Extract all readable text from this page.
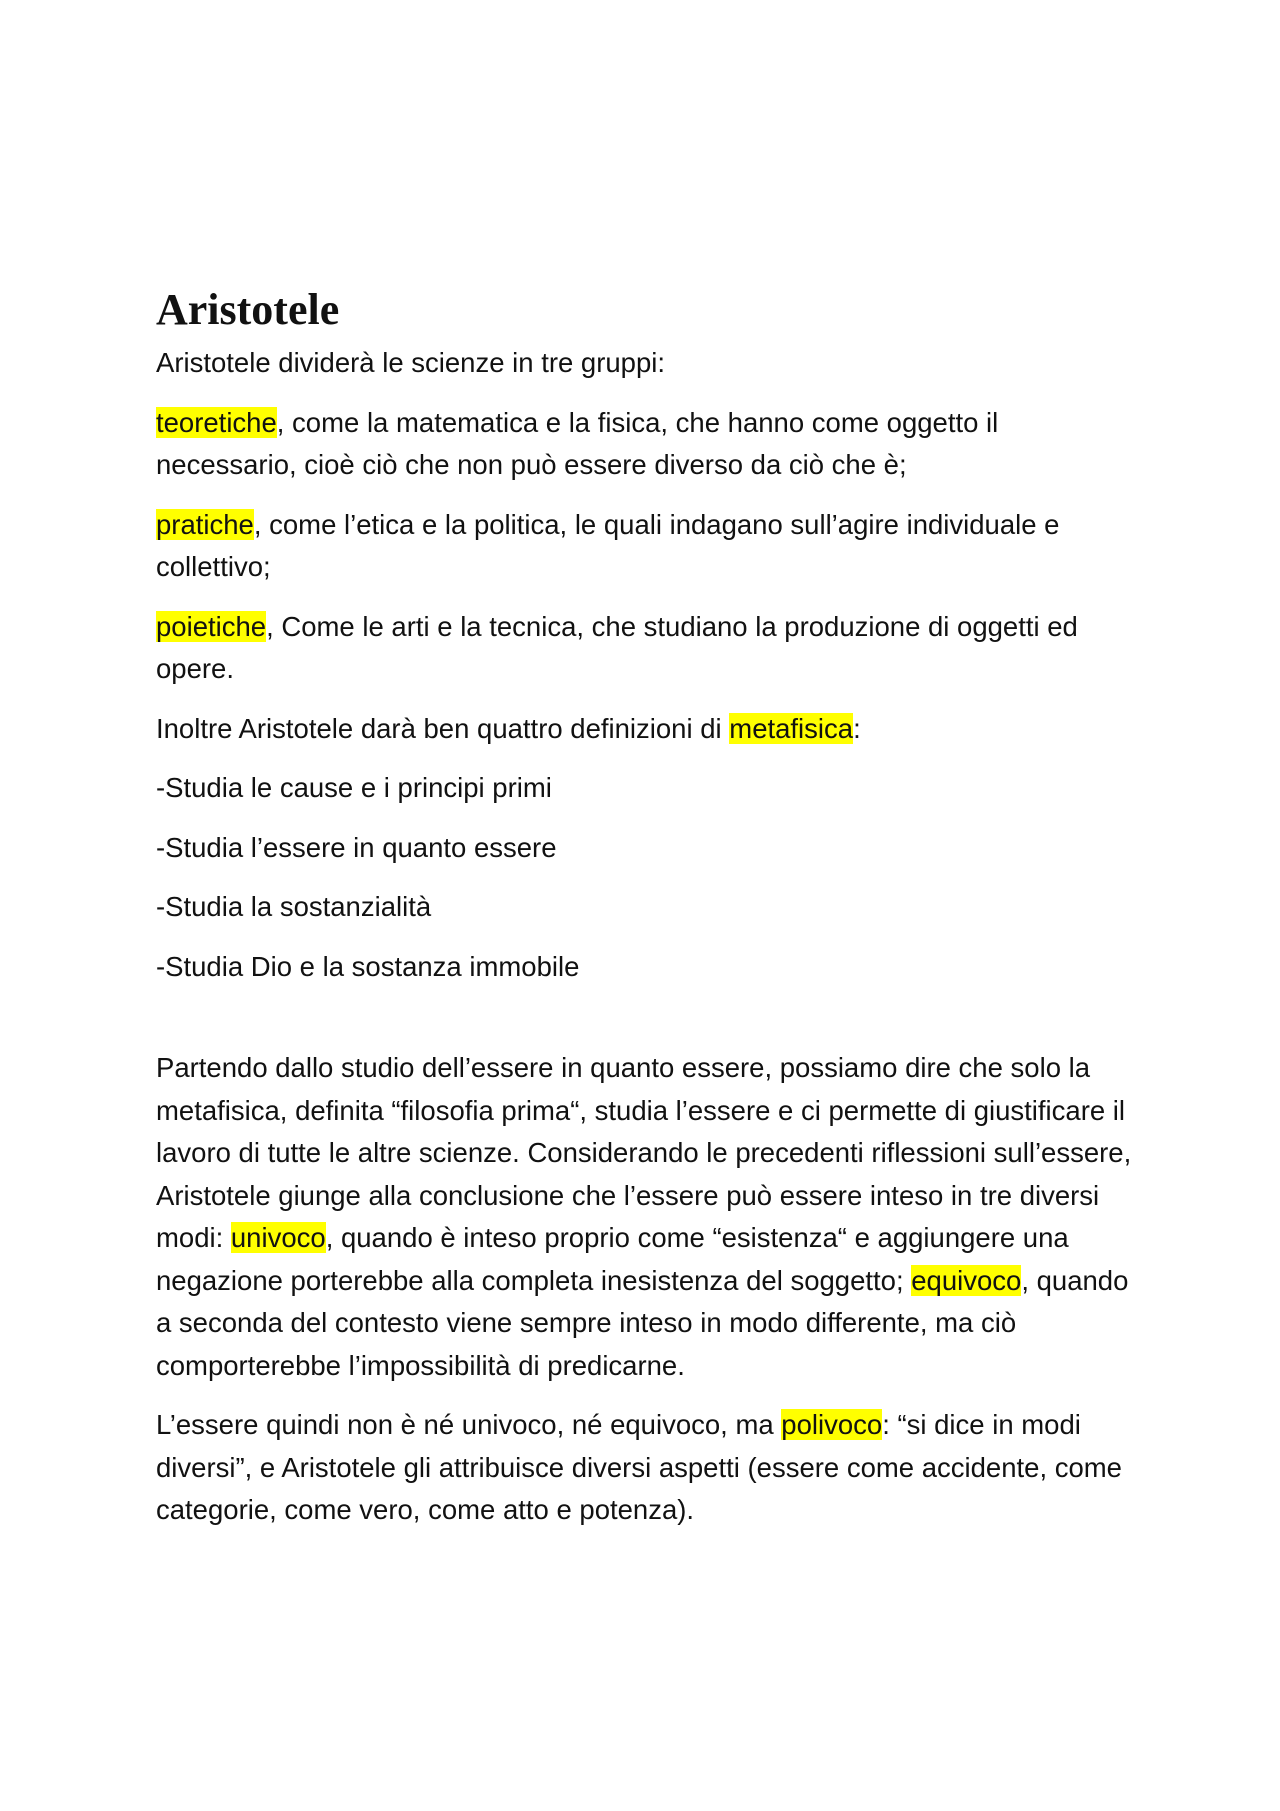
Aristotele

Aristotele dividerà le scienze in tre gruppi:

teoretiche, come la matematica e la fisica, che hanno come oggetto il necessario, cioè ciò che non può essere diverso da ciò che è;

pratiche, come l’etica e la politica, le quali indagano sull’agire individuale e collettivo;

poietiche, Come le arti e la tecnica, che studiano la produzione di oggetti ed opere.

Inoltre Aristotele darà ben quattro definizioni di metafisica:

-Studia le cause e i principi primi

-Studia l’essere in quanto essere

-Studia la sostanzialità

-Studia Dio e la sostanza immobile

Partendo dallo studio dell’essere in quanto essere, possiamo dire che solo la metafisica, definita “filosofia prima“, studia l’essere e ci permette di giustificare il lavoro di tutte le altre scienze. Considerando le precedenti riflessioni sull’essere, Aristotele giunge alla conclusione che l’essere può essere inteso in tre diversi modi: univoco, quando è inteso proprio come “esistenza“ e aggiungere una negazione porterebbe alla completa inesistenza del soggetto; equivoco, quando a seconda del contesto viene sempre inteso in modo differente, ma ciò comporterebbe l’impossibilità di predicarne.

L’essere quindi non è né univoco, né equivoco, ma polivoco: “si dice in modi diversi”, e Aristotele gli attribuisce diversi aspetti (essere come accidente, come categorie, come vero, come atto e potenza).
